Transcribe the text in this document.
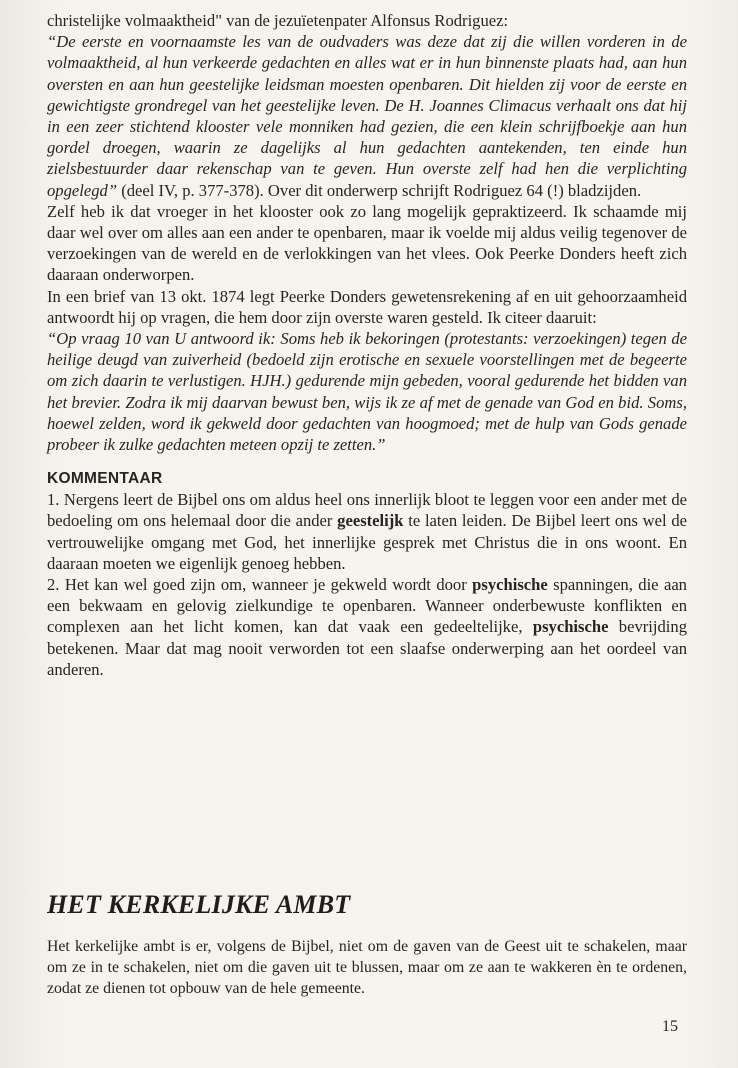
christelijke volmaaktheid" van de jezuïetenpater Alfonsus Rodriguez:

“De eerste en voornaamste les van de oudvaders was deze dat zij die willen vorderen in de volmaaktheid, al hun verkeerde gedachten en alles wat er in hun binnenste plaats had, aan hun oversten en aan hun geestelijke leidsman moesten openbaren. Dit hielden zij voor de eerste en gewichtigste grondregel van het geestelijke leven. De H. Joannes Climacus verhaalt ons dat hij in een zeer stichtend klooster vele monniken had gezien, die een klein schrijfboekje aan hun gordel droegen, waarin ze dagelijks al hun gedachten aantekenden, ten einde hun zielsbestuurder daar rekenschap van te geven. Hun overste zelf had hen die verplichting opgelegd” (deel IV, p. 377-378). Over dit onderwerp schrijft Rodriguez 64 (!) bladzijden.

Zelf heb ik dat vroeger in het klooster ook zo lang mogelijk gepraktizeerd. Ik schaamde mij daar wel over om alles aan een ander te openbaren, maar ik voelde mij aldus veilig tegenover de verzoekingen van de wereld en de verlokkingen van het vlees. Ook Peerke Donders heeft zich daaraan onderworpen.

In een brief van 13 okt. 1874 legt Peerke Donders gewetensrekening af en uit gehoorzaamheid antwoordt hij op vragen, die hem door zijn overste waren gesteld. Ik citeer daaruit:

“Op vraag 10 van U antwoord ik: Soms heb ik bekoringen (protestants: verzoekingen) tegen de heilige deugd van zuiverheid (bedoeld zijn erotische en sexuele voorstellingen met de begeerte om zich daarin te verlustigen. HJH.) gedurende mijn gebeden, vooral gedurende het bidden van het brevier. Zodra ik mij daarvan bewust ben, wijs ik ze af met de genade van God en bid. Soms, hoewel zelden, word ik gekweld door gedachten van hoogmoed; met de hulp van Gods genade probeer ik zulke gedachten meteen opzij te zetten.”

KOMMENTAAR

1. Nergens leert de Bijbel ons om aldus heel ons innerlijk bloot te leggen voor een ander met de bedoeling om ons helemaal door die ander geestelijk te laten leiden. De Bijbel leert ons wel de vertrouwelijke omgang met God, het innerlijke gesprek met Christus die in ons woont. En daaraan moeten we eigenlijk genoeg hebben.

2. Het kan wel goed zijn om, wanneer je gekweld wordt door psychische spanningen, die aan een bekwaam en gelovig zielkundige te openbaren. Wanneer onderbewuste konflikten en complexen aan het licht komen, kan dat vaak een gedeeltelijke, psychische bevrijding betekenen. Maar dat mag nooit verworden tot een slaafse onderwerping aan het oordeel van anderen.

HET KERKELIJKE AMBT

Het kerkelijke ambt is er, volgens de Bijbel, niet om de gaven van de Geest uit te schakelen, maar om ze in te schakelen, niet om die gaven uit te blussen, maar om ze aan te wakkeren èn te ordenen, zodat ze dienen tot opbouw van de hele gemeente.

15
